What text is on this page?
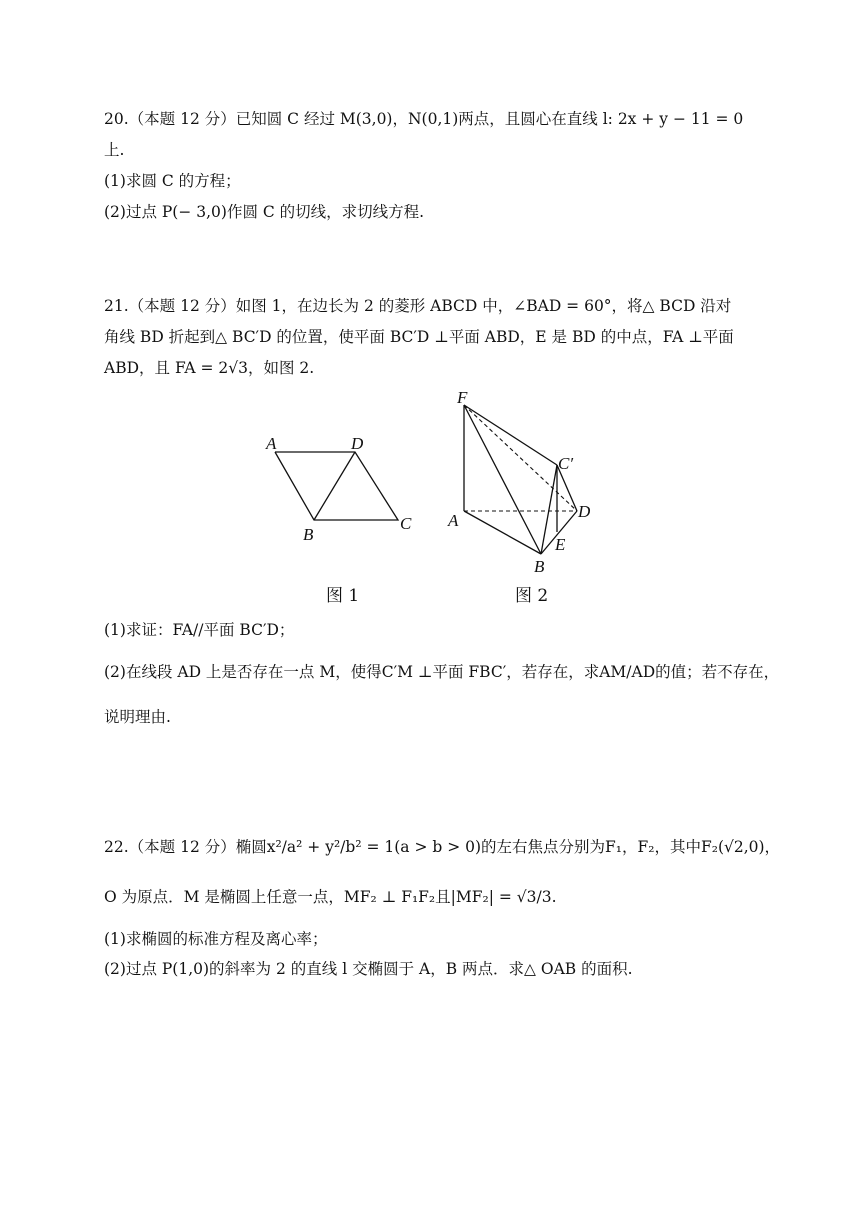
20.（本题 12 分）已知圆 C 经过 M(3,0)，N(0,1)两点，且圆心在直线 l: 2x + y − 11 = 0
上.
(1)求圆 C 的方程；
(2)过点 P(− 3,0)作圆 C 的切线，求切线方程.
21.（本题 12 分）如图 1，在边长为 2 的菱形 ABCD 中，∠BAD = 60°，将△ BCD 沿对
角线 BD 折起到△ BC′D 的位置，使平面 BC′D ⊥平面 ABD，E 是 BD 的中点，FA ⊥平面
ABD，且 FA = 2√3，如图 2.
A	D
B
C
图 1
F
A
B
C′
D
E
图 2
(1)求证：FA//平面 BC′D；
(2)在线段 AD 上是否存在一点 M，使得C′M ⊥平面 FBC′，若存在，求AM/AD的值；若不存在，
说明理由.
22.（本题 12 分）椭圆x²/a² + y²/b² = 1(a > b > 0)的左右焦点分别为F₁，F₂，其中F₂(√2,0)，
O 为原点．M 是椭圆上任意一点，MF₂ ⊥ F₁F₂且|MF₂| = √3/3.
(1)求椭圆的标准方程及离心率；
(2)过点 P(1,0)的斜率为 2 的直线 l 交椭圆于 A，B 两点．求△ OAB 的面积.
